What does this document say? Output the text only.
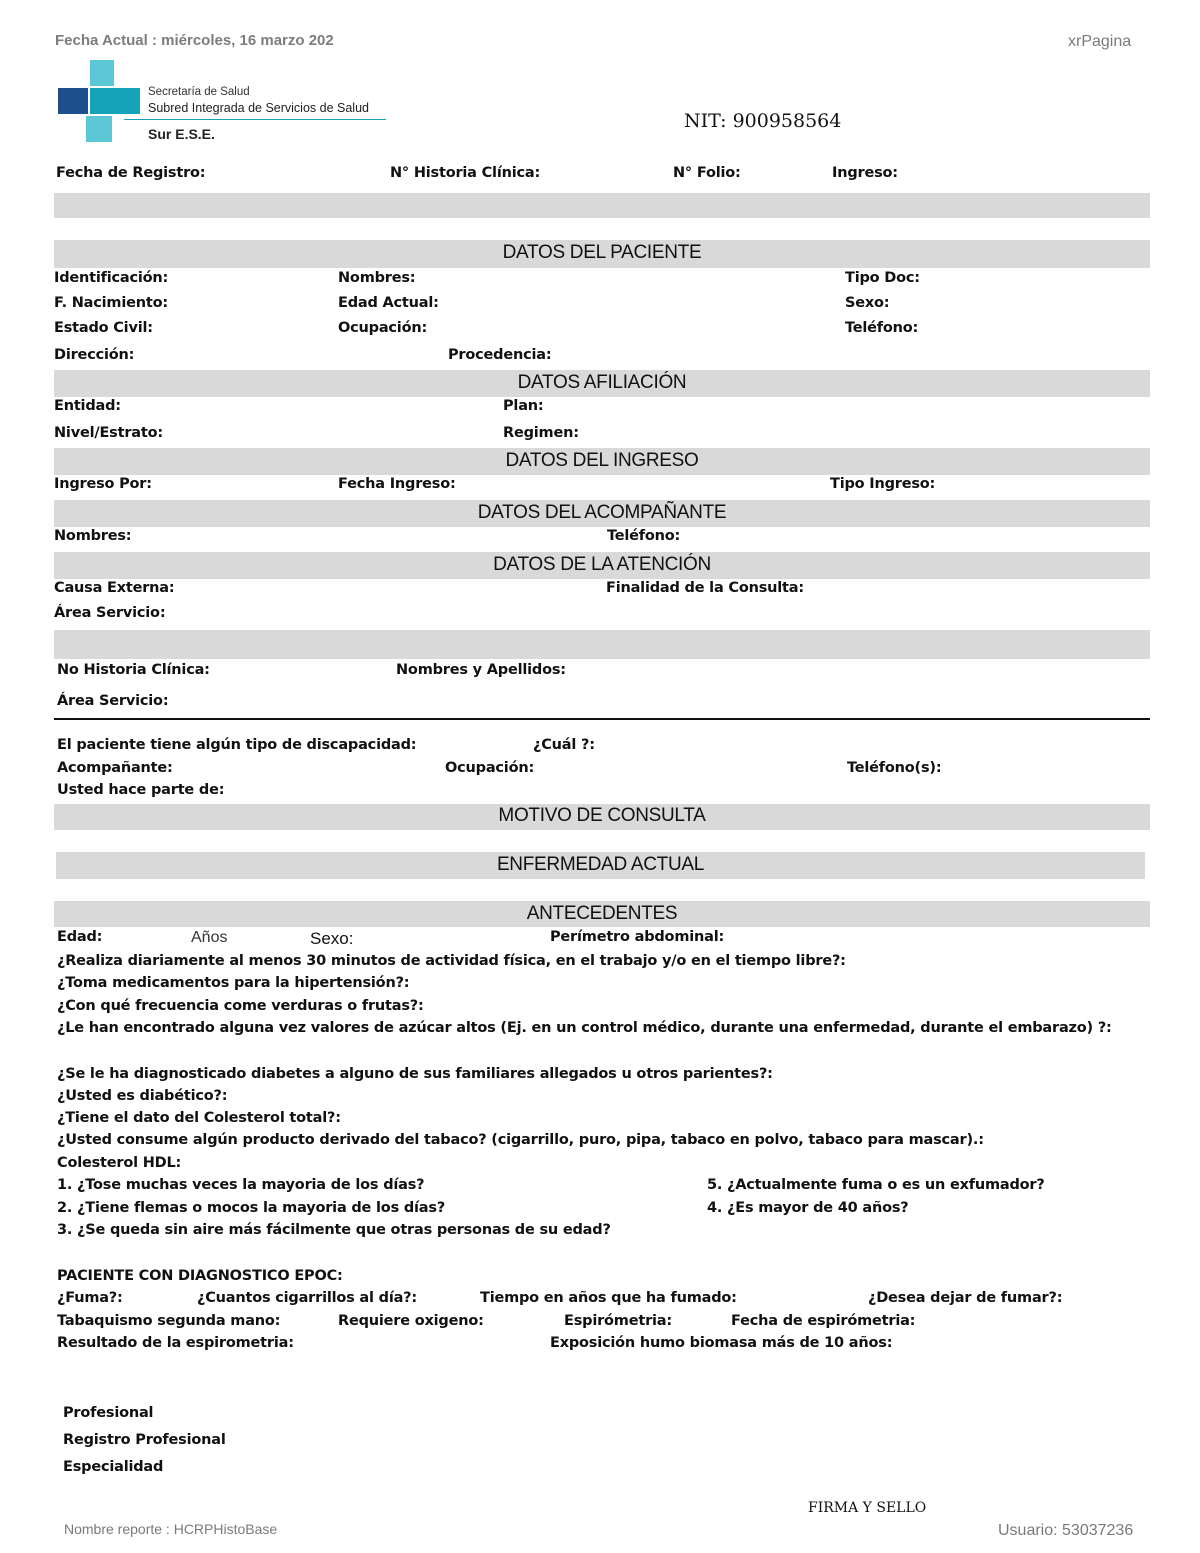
Fecha Actual : miércoles, 16 marzo 202	xrPagina
Secretaría de Salud
Subred Integrada de Servicios de Salud
Sur E.S.E.
NIT: 900958564
Fecha de Registro:	N° Historia Clínica:	N° Folio:	Ingreso:
DATOS DEL PACIENTE
Identificación:	Nombres:	Tipo Doc:
F. Nacimiento:	Edad Actual:	Sexo:
Estado Civil:	Ocupación:	Teléfono:
Dirección:	Procedencia:
DATOS AFILIACIÓN
Entidad:	Plan:
Nivel/Estrato:	Regimen:
DATOS DEL INGRESO
Ingreso Por:	Fecha Ingreso:	Tipo Ingreso:
DATOS DEL ACOMPAÑANTE
Nombres:	Teléfono:
DATOS DE LA ATENCIÓN
Causa Externa:	Finalidad de la Consulta:
Área Servicio:
No Historia Clínica:	Nombres y Apellidos:
Área Servicio:
El paciente tiene algún tipo de discapacidad:	¿Cuál ?:
Acompañante:	Ocupación:	Teléfono(s):
Usted hace parte de:
MOTIVO DE CONSULTA
ENFERMEDAD ACTUAL
ANTECEDENTES
Edad:	Años	Sexo:	Perímetro abdominal:
¿Realiza diariamente al menos 30 minutos de actividad física, en el trabajo y/o en el tiempo libre?:
¿Toma medicamentos para la hipertensión?:
¿Con qué frecuencia come verduras o frutas?:
¿Le han encontrado alguna vez valores de azúcar altos (Ej. en un control médico, durante una enfermedad, durante el embarazo) ?:
¿Se le ha diagnosticado diabetes a alguno de sus familiares allegados u otros parientes?:
¿Usted es diabético?:
¿Tiene el dato del Colesterol total?:
¿Usted consume algún producto derivado del tabaco? (cigarrillo, puro, pipa, tabaco en polvo, tabaco para mascar).:
Colesterol HDL:
1. ¿Tose muchas veces la mayoria de los días?	5. ¿Actualmente fuma o es un exfumador?
2. ¿Tiene flemas o mocos la mayoria de los días?	4. ¿Es mayor de 40 años?
3. ¿Se queda sin aire más fácilmente que otras personas de su edad?
PACIENTE CON DIAGNOSTICO EPOC:
¿Fuma?:	¿Cuantos cigarrillos al día?:	Tiempo en años que ha fumado:	¿Desea dejar de fumar?:
Tabaquismo segunda mano:	Requiere oxigeno:	Espirómetria:	Fecha de espirómetria:
Resultado de la espirometria:	Exposición humo biomasa más de 10 años:
Profesional
Registro Profesional
Especialidad
FIRMA Y SELLO
Nombre reporte : HCRPHistoBase	Usuario: 53037236
